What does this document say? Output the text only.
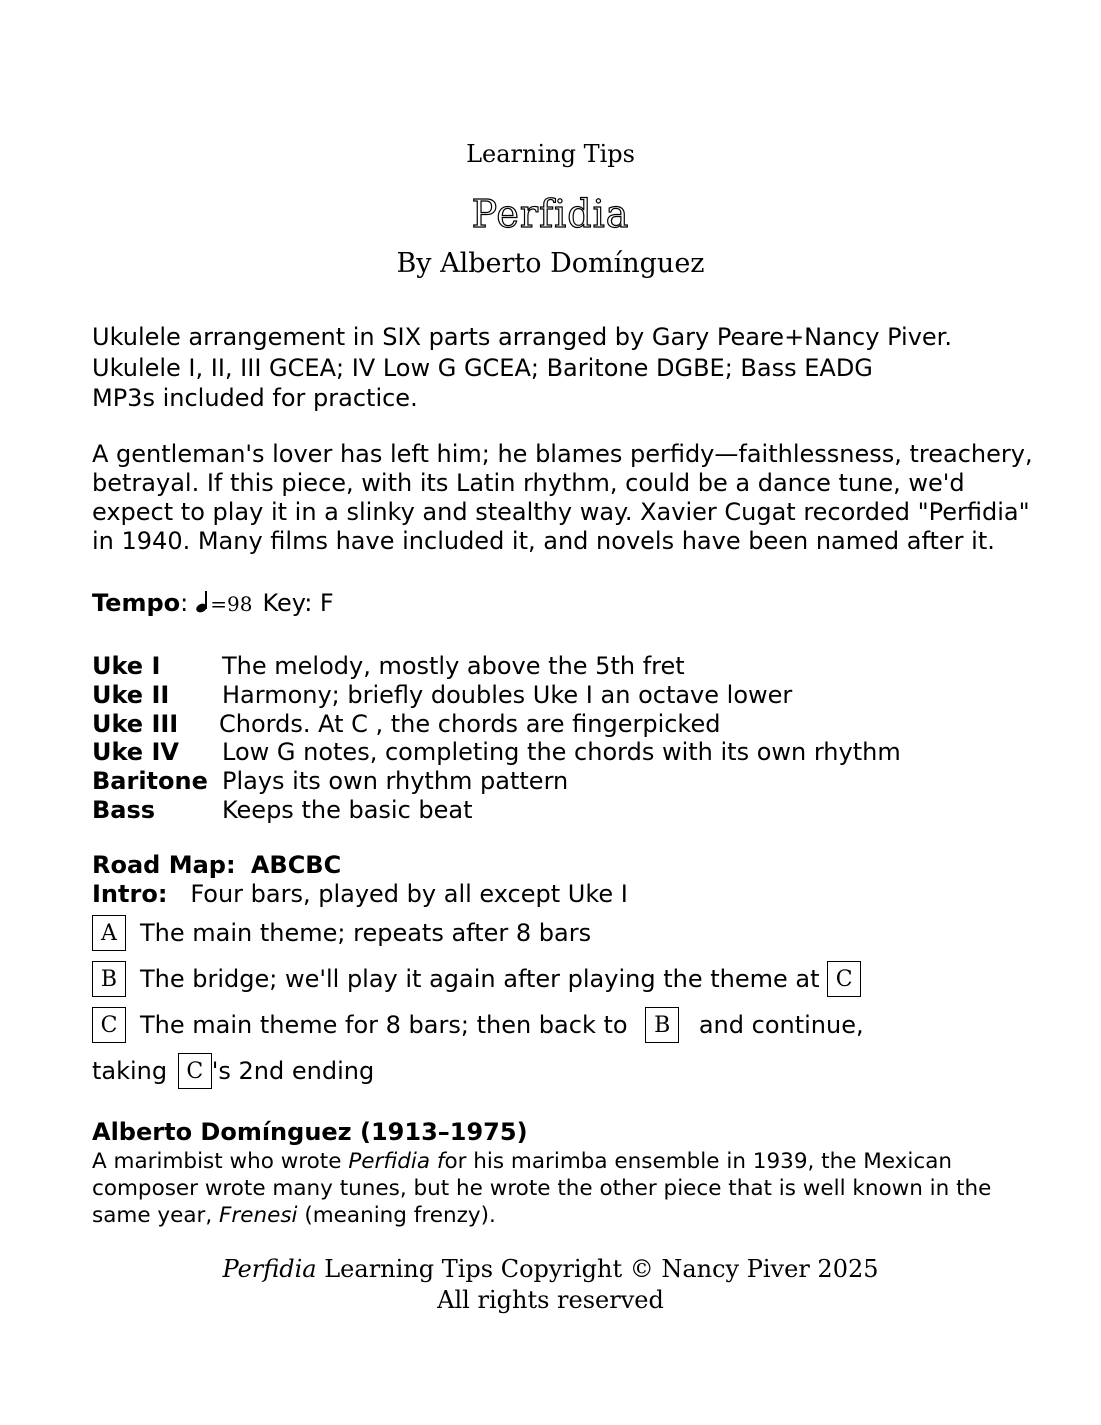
Learning Tips
Perfidia
By Alberto Domínguez
Ukulele arrangement in SIX parts arranged by Gary Peare+Nancy Piver.
Ukulele I, II, III GCEA; IV Low G GCEA; Baritone DGBE; Bass EADG
MP3s included for practice.
A gentleman's lover has left him; he blames perfidy—faithlessness, treachery, betrayal. If this piece, with its Latin rhythm, could be a dance tune, we'd expect to play it in a slinky and stealthy way. Xavier Cugat recorded "Perfidia" in 1940. Many films have included it, and novels have been named after it.
Tempo: =98 Key: F
Uke I	The melody, mostly above the 5th fret
Uke II Harmony; briefly doubles Uke I an octave lower
Uke III Chords. At C , the chords are fingerpicked
Uke IV Low G notes, completing the chords with its own rhythm
Baritone Plays its own rhythm pattern
Bass	Keeps the basic beat
Road Map: ABCBC
Intro: Four bars, played by all except Uke I
A The main theme; repeats after 8 bars
B The bridge; we'll play it again after playing the theme at C
C The main theme for 8 bars; then back to B and continue,
taking C 's 2nd ending
Alberto Domínguez (1913–1975)
A marimbist who wrote Perfidia for his marimba ensemble in 1939, the Mexican composer wrote many tunes, but he wrote the other piece that is well known in the same year, Frenesi (meaning frenzy).
Perfidia Learning Tips Copyright © Nancy Piver 2025
All rights reserved
